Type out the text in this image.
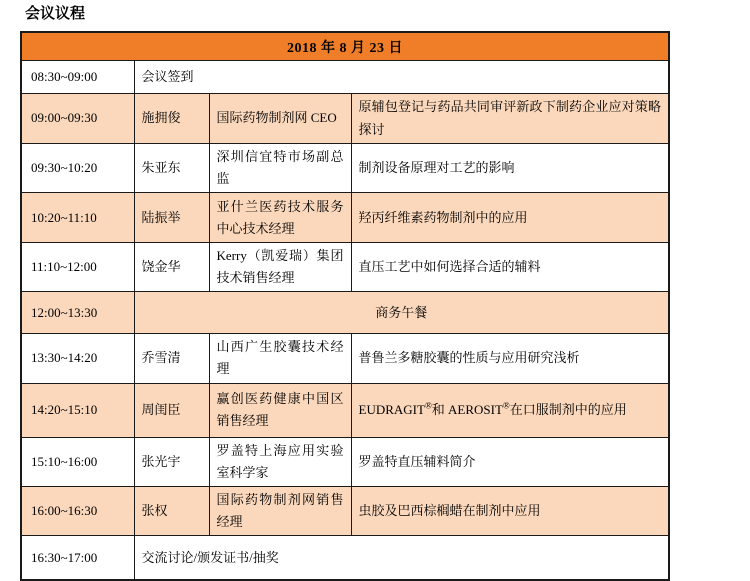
会议议程
2018 年 8 月 23 日			
08:30~09:00	会议签到		
09:00~09:30	施拥俊	国际药物制剂网 CEO	原辅包登记与药品共同审评新政下制药企业应对策略探讨
09:30~10:20	朱亚东	深圳信宜特市场副总监	制剂设备原理对工艺的影响
10:20~11:10	陆振举	亚什兰医药技术服务中心技术经理	羟丙纤维素药物制剂中的应用
11:10~12:00	饶金华	Kerry（凯爱瑞）集团技术销售经理	直压工艺中如何选择合适的辅料
12:00~13:30	商务午餐		
13:30~14:20	乔雪清	山西广生胶囊技术经理	普鲁兰多糖胶囊的性质与应用研究浅析
14:20~15:10	周闺臣	赢创医药健康中国区销售经理	EUDRAGIT®和 AEROSIT®在口服制剂中的应用
15:10~16:00	张光宇	罗盖特上海应用实验室科学家	罗盖特直压辅料简介
16:00~16:30	张权	国际药物制剂网销售经理	虫胶及巴西棕榈蜡在制剂中应用
16:30~17:00	交流讨论/颁发证书/抽奖		
